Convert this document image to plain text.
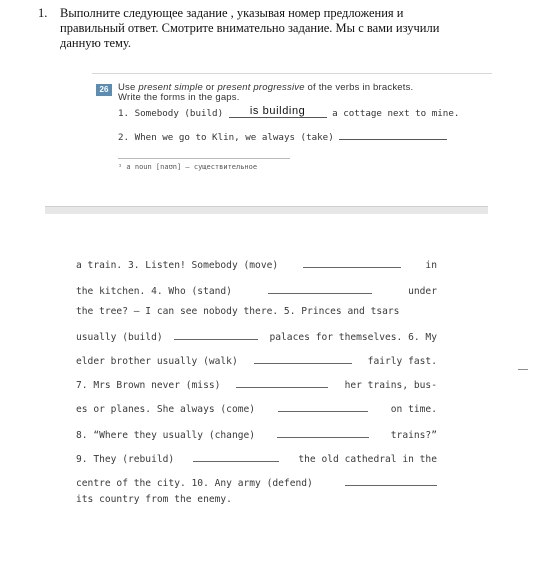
1. Выполните следующее задание , указывая номер предложения и
правильный ответ. Смотрите внимательно задание. Мы с вами изучили
данную тему.
26	Use present simple or present progressive of the verbs in brackets.
Write the forms in the gaps.
1. Somebody (build) is building a cottage next to mine.
2. When we go to Klin, we always (take)
¹ a noun [naʊn] — существительное
a train. 3. Listen! Somebody (move)	in
the kitchen. 4. Who (stand)	under
the tree? — I can see nobody there. 5. Princes and tsars
usually (build)	palaces for themselves. 6. My
elder brother usually (walk)	fairly fast.
7. Mrs Brown never (miss)	her trains, bus-
es or planes. She always (come)	on time.
8. “Where they usually (change)	trains?”
9. They (rebuild)	the old cathedral in the
centre of the city. 10. Any army (defend)
its country from the enemy.
